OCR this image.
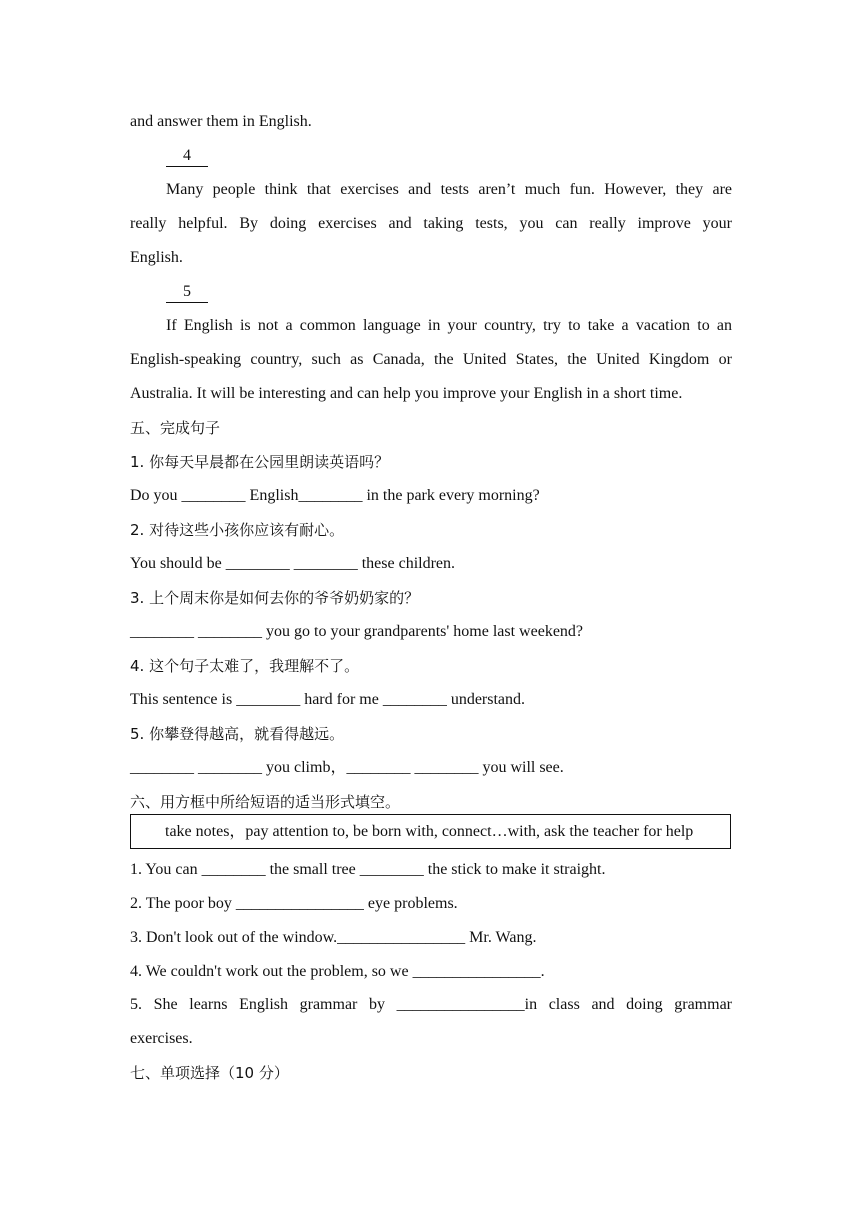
and answer them in English.
4
Many people think that exercises and tests aren’t much fun. However, they are
really helpful. By doing exercises and taking tests, you can really improve your
English.
5
If English is not a common language in your country, try to take a vacation to an
English-speaking country, such as Canada, the United States, the United Kingdom or
Australia. It will be interesting and can help you improve your English in a short time.
五、完成句子
1. 你每天早晨都在公园里朗读英语吗？
Do you ________ English________ in the park every morning?
2. 对待这些小孩你应该有耐心。
You should be ________ ________ these children.
3. 上个周末你是如何去你的爷爷奶奶家的？
________ ________ you go to your grandparents' home last weekend?
4. 这个句子太难了，我理解不了。
This sentence is ________ hard for me ________ understand.
5. 你攀登得越高，就看得越远。
________ ________ you climb，________ ________ you will see.
六、用方框中所给短语的适当形式填空。
take notes，pay attention to, be born with, connect…with, ask the teacher for help
1. You can ________ the small tree ________ the stick to make it straight.
2. The poor boy ________________ eye problems.
3. Don't look out of the window.________________ Mr. Wang.
4. We couldn't work out the problem, so we ________________.
5. She learns English grammar by ________________in class and doing grammar
exercises.
七、单项选择（10 分）
